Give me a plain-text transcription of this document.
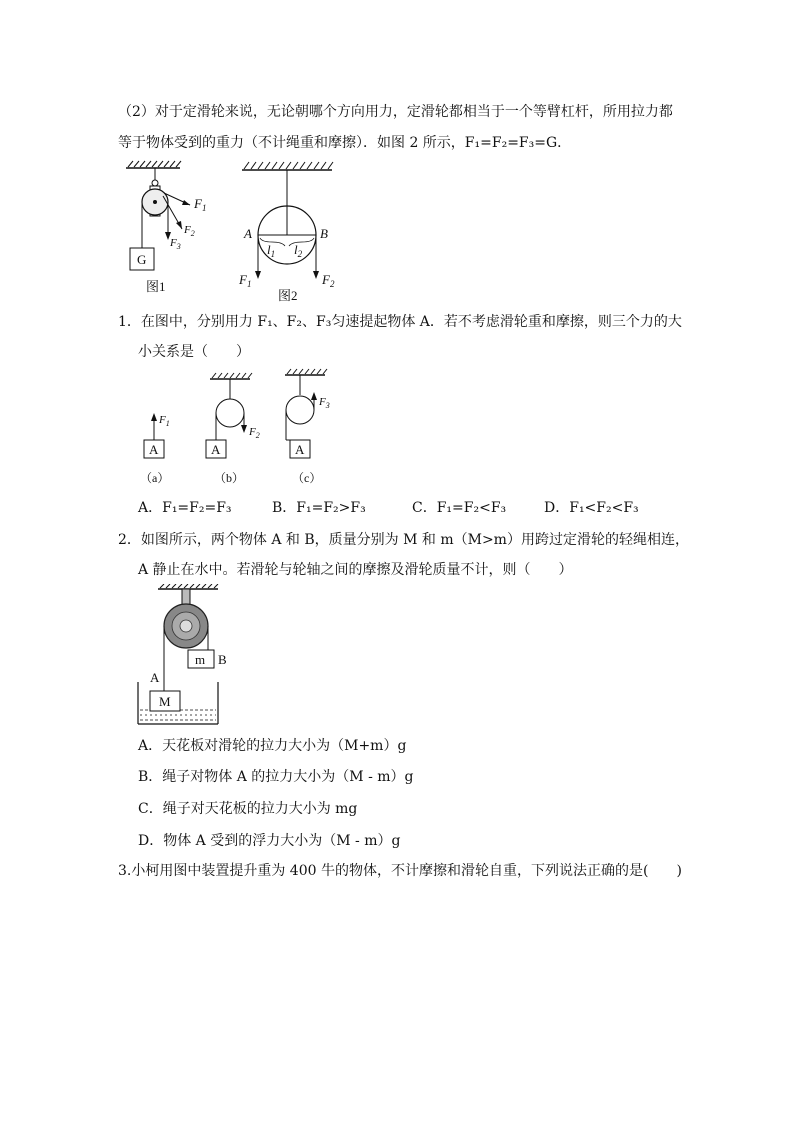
（2）对于定滑轮来说，无论朝哪个方向用力，定滑轮都相当于一个等臂杠杆，所用拉力都
等于物体受到的重力（不计绳重和摩擦）．如图 2 所示，F₁=F₂=F₃=G．
G
$F_1$
$F_2$
$F_3$
图1
A	B
$l_1$ $l_2$
$F_1$	$F_2$
图2
1．在图中，分别用力 F₁、F₂、F₃匀速提起物体 A．若不考虑滑轮重和摩擦，则三个力的大
小关系是（　　）
A
$F_1$
（a）
A
$F_2$
（b）
$F_3$
A
（c）
A．F₁=F₂=F₃	B．F₁=F₂>F₃	C．F₁=F₂<F₃	D．F₁<F₂<F₃
2．如图所示，两个物体 A 和 B，质量分别为 M 和 m（M>m）用跨过定滑轮的轻绳相连，
A 静止在水中。若滑轮与轮轴之间的摩擦及滑轮质量不计，则（　　）
m B
A
M
A．天花板对滑轮的拉力大小为（M+m）g
B．绳子对物体 A 的拉力大小为（M - m）g
C．绳子对天花板的拉力大小为 mg
D．物体 A 受到的浮力大小为（M - m）g
3.小柯用图中装置提升重为 400 牛的物体，不计摩擦和滑轮自重，下列说法正确的是(　　)
